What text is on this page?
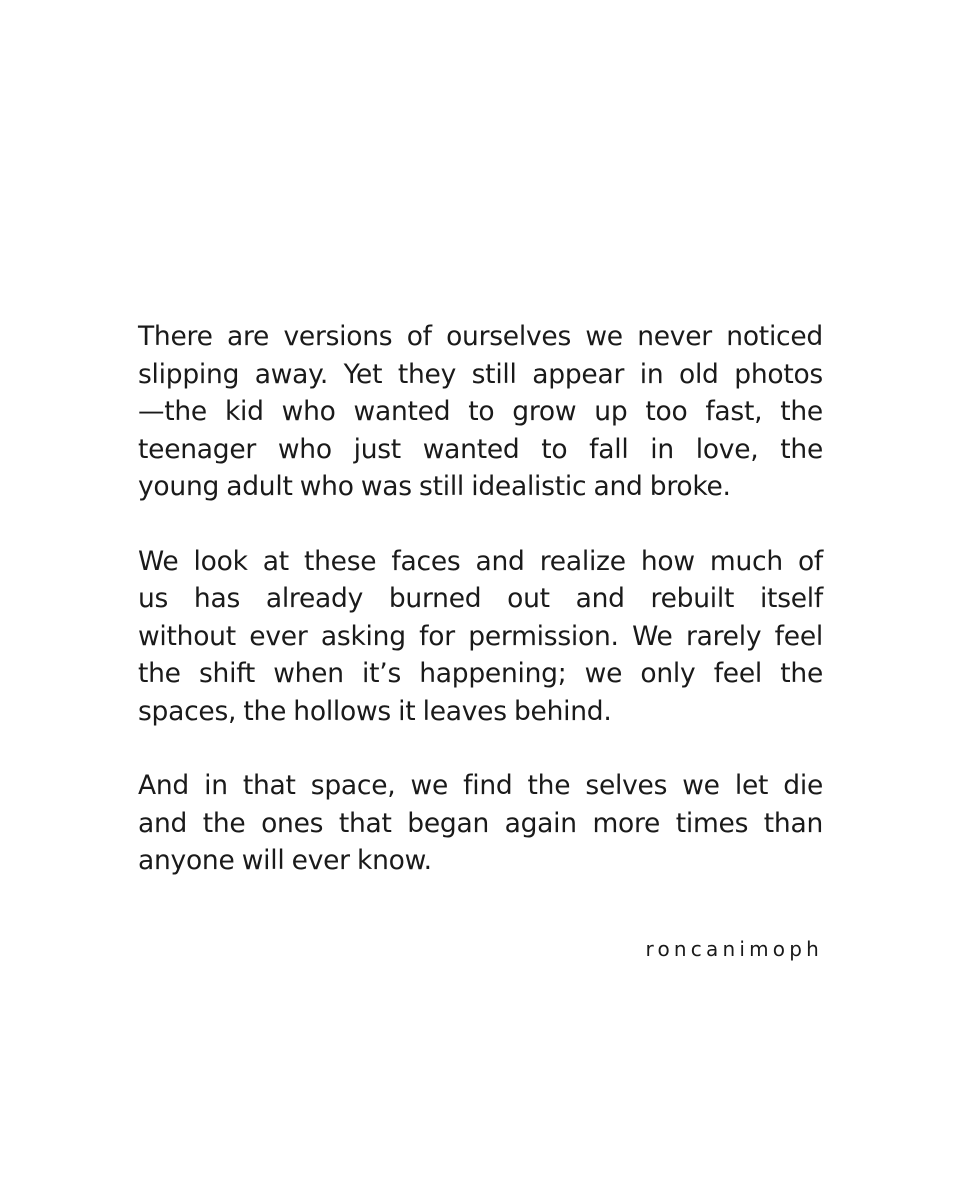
There are versions of ourselves we never noticed
slipping away. Yet they still appear in old photos
—the kid who wanted to grow up too fast, the
teenager who just wanted to fall in love, the
young adult who was still idealistic and broke.

We look at these faces and realize how much of
us has already burned out and rebuilt itself
without ever asking for permission. We rarely feel
the shift when it’s happening; we only feel the
spaces, the hollows it leaves behind.

And in that space, we find the selves we let die
and the ones that began again more times than
anyone will ever know.

roncanimoph
